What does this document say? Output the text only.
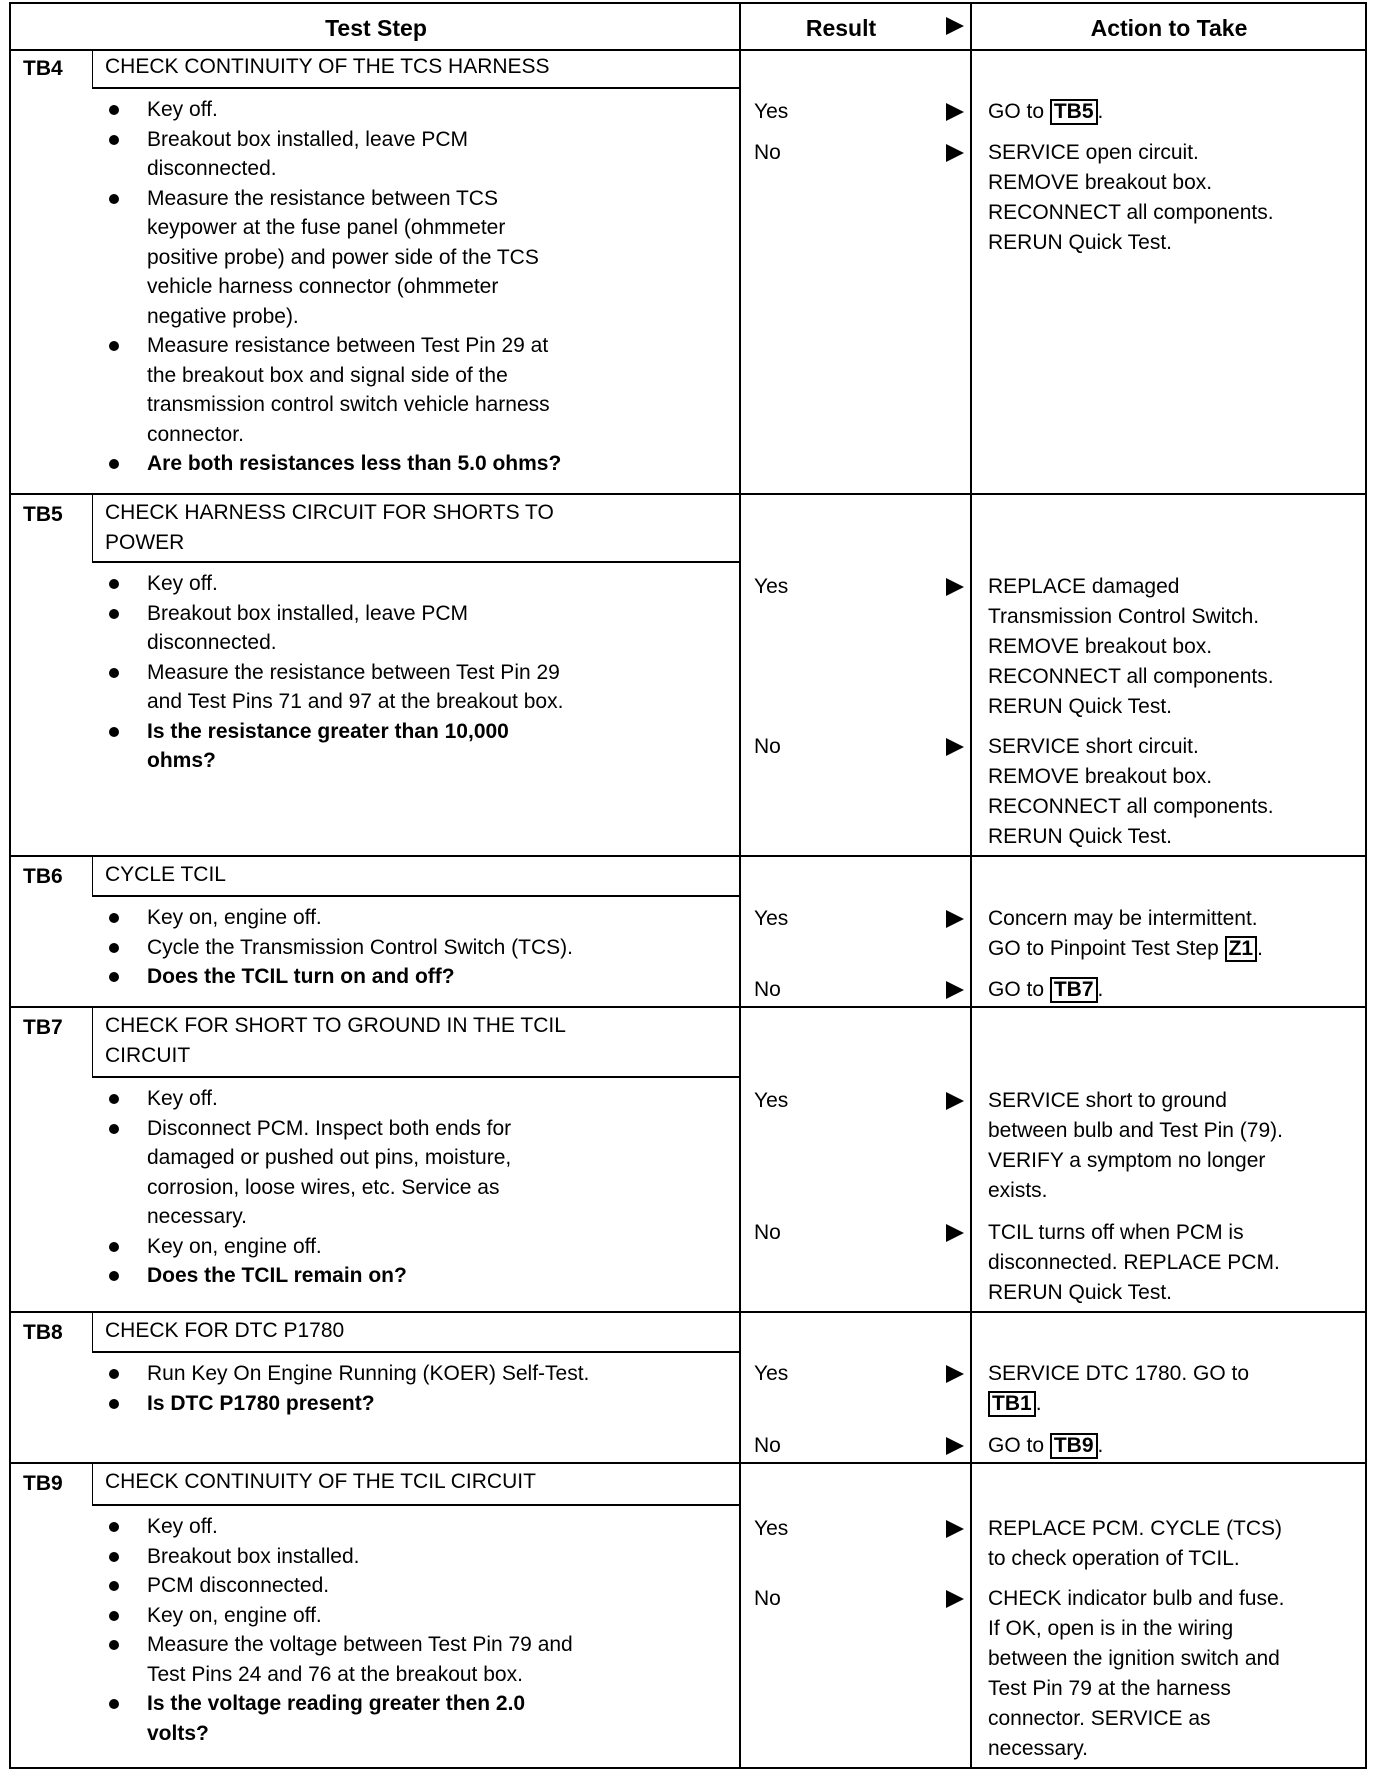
Test Step	Result	Action to Take
TB4	CHECK CONTINUITY OF THE TCS HARNESS
Key off.
Breakout box installed, leave PCM
disconnected.
Measure the resistance between TCS
keypower at the fuse panel (ohmmeter
positive probe) and power side of the TCS
vehicle harness connector (ohmmeter
negative probe).
Measure resistance between Test Pin 29 at
the breakout box and signal side of the
transmission control switch vehicle harness
connector.
Are both resistances less than 5.0 ohms?
Yes	GO to TB5 .
No	SERVICE open circuit.
REMOVE breakout box.
RECONNECT all components.
RERUN Quick Test.
TB5	CHECK HARNESS CIRCUIT FOR SHORTS TO
POWER
Key off.
Breakout box installed, leave PCM
disconnected.
Measure the resistance between Test Pin 29
and Test Pins 71 and 97 at the breakout box.
Is the resistance greater than 10,000
ohms?
Yes	REPLACE damaged
Transmission Control Switch.
REMOVE breakout box.
RECONNECT all components.
RERUN Quick Test.
No	SERVICE short circuit.
REMOVE breakout box.
RECONNECT all components.
RERUN Quick Test.
TB6	CYCLE TCIL
Key on, engine off.
Cycle the Transmission Control Switch (TCS).
Does the TCIL turn on and off?
Yes	Concern may be intermittent.
GO to Pinpoint Test Step Z1 .
No	GO to TB7 .
TB7	CHECK FOR SHORT TO GROUND IN THE TCIL
CIRCUIT
Key off.
Disconnect PCM. Inspect both ends for
damaged or pushed out pins, moisture,
corrosion, loose wires, etc. Service as
necessary.
Key on, engine off.
Does the TCIL remain on?
Yes	SERVICE short to ground
between bulb and Test Pin (79).
VERIFY a symptom no longer
exists.
No	TCIL turns off when PCM is
disconnected. REPLACE PCM.
RERUN Quick Test.
TB8	CHECK FOR DTC P1780
Run Key On Engine Running (KOER) Self-Test.
Is DTC P1780 present?
Yes	SERVICE DTC 1780. GO to
TB1 .
No	GO to TB9 .
TB9	CHECK CONTINUITY OF THE TCIL CIRCUIT
Key off.
Breakout box installed.
PCM disconnected.
Key on, engine off.
Measure the voltage between Test Pin 79 and
Test Pins 24 and 76 at the breakout box.
Is the voltage reading greater then 2.0
volts?
Yes	REPLACE PCM. CYCLE (TCS)
to check operation of TCIL.
No	CHECK indicator bulb and fuse.
If OK, open is in the wiring
between the ignition switch and
Test Pin 79 at the harness
connector. SERVICE as
necessary.
